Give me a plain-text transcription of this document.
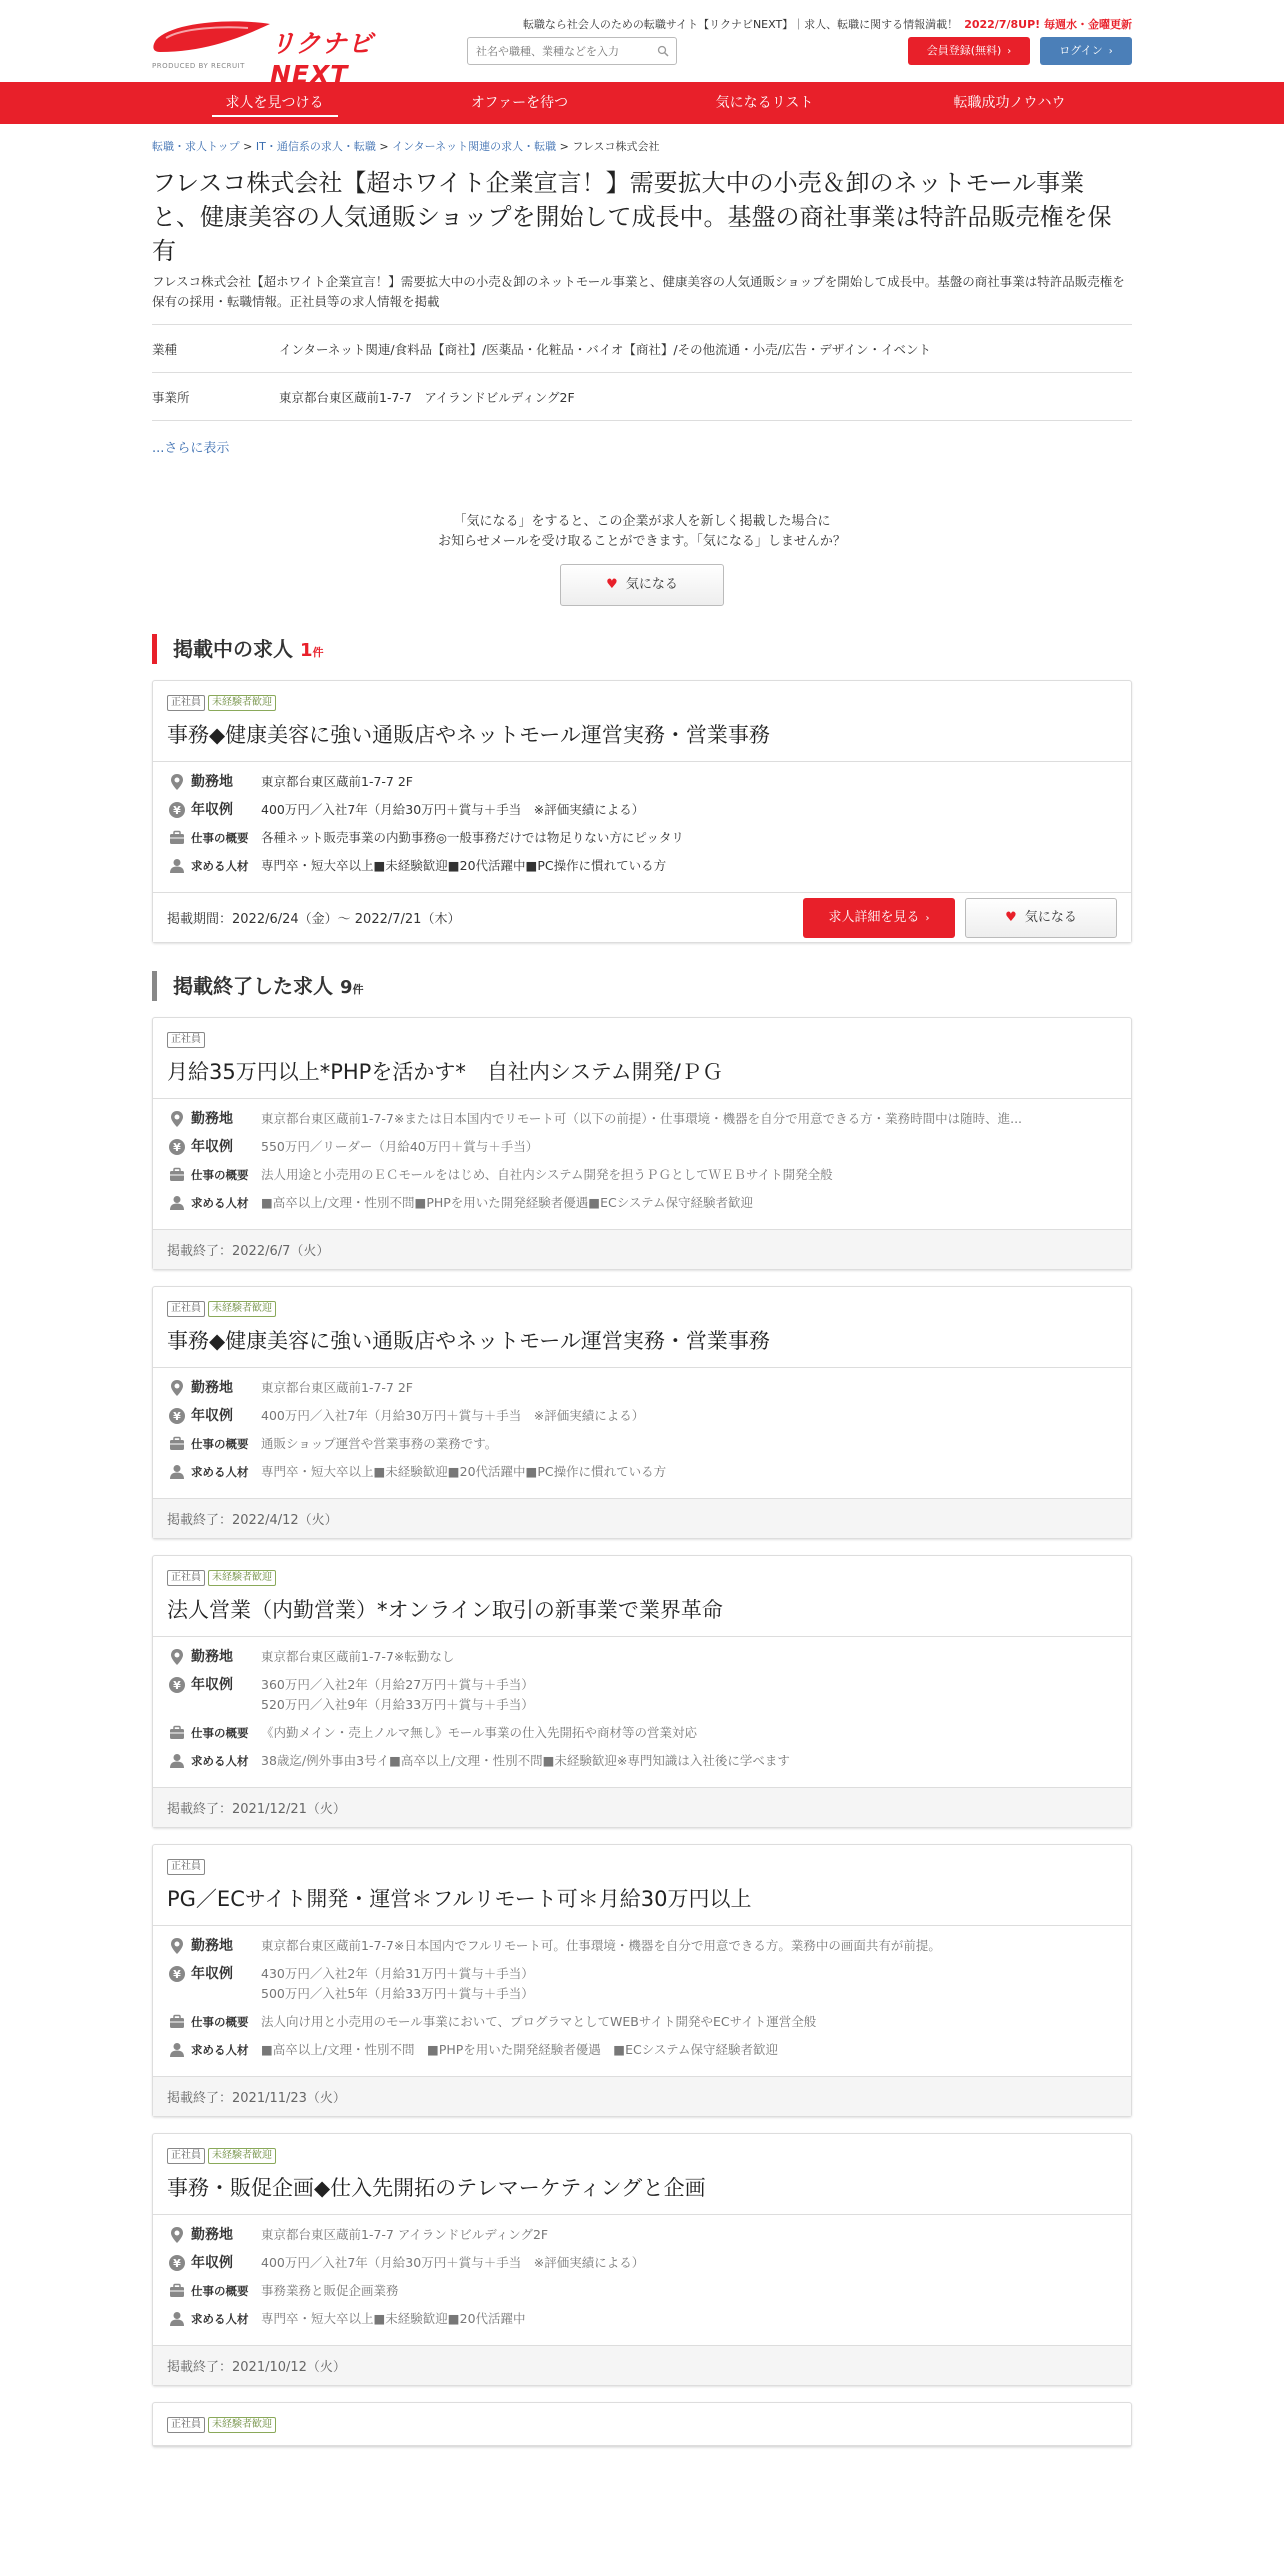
リクナビNEXT
PRODUCED BY RECRUIT
転職なら社会人のための転職サイト【リクナビNEXT】｜求人、転職に関する情報満載！ 2022/7/8UP! 毎週水・金曜更新
社名や職種、業種などを入力
会員登録(無料) ›	ログイン ›
求人を見つける	オファーを待つ	気になるリスト	転職成功ノウハウ
転職・求人トップ > IT・通信系の求人・転職 > インターネット関連の求人・転職 > フレスコ株式会社
フレスコ株式会社【超ホワイト企業宣言！】需要拡大中の小売＆卸のネットモール事業と、健康美容の人気通販ショップを開始して成長中。基盤の商社事業は特許品販売権を保有

フレスコ株式会社【超ホワイト企業宣言！】需要拡大中の小売＆卸のネットモール事業と、健康美容の人気通販ショップを開始して成長中。基盤の商社事業は特許品販売権を保有の採用・転職情報。正社員等の求人情報を掲載

業種	インターネット関連/食料品【商社】/医薬品・化粧品・バイオ【商社】/その他流通・小売/広告・デザイン・イベント
事業所	東京都台東区蔵前1-7-7　アイランドビルディング2F
...さらに表示
「気になる」をすると、この企業が求人を新しく掲載した場合に
お知らせメールを受け取ることができます。「気になる」しませんか？
♥ 気になる
掲載中の求人 1件
正社員	未経験者歓迎
事務◆健康美容に強い通販店やネットモール運営実務・営業事務
勤務地 東京都台東区蔵前1-7-7 2F
¥ 年収例 400万円／入社7年（月給30万円＋賞与＋手当　※評価実績による）
仕事の概要 各種ネット販売事業の内勤事務◎一般事務だけでは物足りない方にピッタリ
求める人材 専門卒・短大卒以上■未経験歓迎■20代活躍中■PC操作に慣れている方
掲載期間：2022/6/24（金）～ 2022/7/21（木）	求人詳細を見る ›	♥ 気になる
掲載終了した求人 9件
正社員
月給35万円以上*PHPを活かす*　自社内システム開発/ＰＧ
勤務地 東京都台東区蔵前1-7-7※または日本国内でリモート可（以下の前提）・仕事環境・機器を自分で用意できる方・業務時間中は随時、進...
¥ 年収例 550万円／リーダー（月給40万円＋賞与＋手当）
仕事の概要 法人用途と小売用のＥＣモールをはじめ、自社内システム開発を担うＰＧとしてＷＥＢサイト開発全般
求める人材 ■高卒以上/文理・性別不問■PHPを用いた開発経験者優遇■ECシステム保守経験者歓迎
掲載終了：2022/6/7（火）
正社員	未経験者歓迎
事務◆健康美容に強い通販店やネットモール運営実務・営業事務
勤務地 東京都台東区蔵前1-7-7 2F
¥ 年収例 400万円／入社7年（月給30万円＋賞与＋手当　※評価実績による）
仕事の概要 通販ショップ運営や営業事務の業務です。
求める人材 専門卒・短大卒以上■未経験歓迎■20代活躍中■PC操作に慣れている方
掲載終了：2022/4/12（火）
正社員	未経験者歓迎
法人営業（内勤営業）*オンライン取引の新事業で業界革命
勤務地 東京都台東区蔵前1-7-7※転勤なし
¥ 年収例 360万円／入社2年（月給27万円＋賞与＋手当）
520万円／入社9年（月給33万円＋賞与＋手当）
仕事の概要 《内勤メイン・売上ノルマ無し》モール事業の仕入先開拓や商材等の営業対応
求める人材 38歳迄/例外事由3号イ■高卒以上/文理・性別不問■未経験歓迎※専門知識は入社後に学べます
掲載終了：2021/12/21（火）
正社員
PG／ECサイト開発・運営＊フルリモート可＊月給30万円以上
勤務地 東京都台東区蔵前1-7-7※日本国内でフルリモート可。仕事環境・機器を自分で用意できる方。業務中の画面共有が前提。
¥ 年収例 430万円／入社2年（月給31万円＋賞与＋手当）
500万円／入社5年（月給33万円＋賞与＋手当）
仕事の概要 法人向け用と小売用のモール事業において、プログラマとしてWEBサイト開発やECサイト運営全般
求める人材 ■高卒以上/文理・性別不問　■PHPを用いた開発経験者優遇　■ECシステム保守経験者歓迎
掲載終了：2021/11/23（火）
正社員	未経験者歓迎
事務・販促企画◆仕入先開拓のテレマーケティングと企画
勤務地 東京都台東区蔵前1-7-7 アイランドビルディング2F
¥ 年収例 400万円／入社7年（月給30万円＋賞与＋手当　※評価実績による）
仕事の概要 事務業務と販促企画業務
求める人材 専門卒・短大卒以上■未経験歓迎■20代活躍中
掲載終了：2021/10/12（火）
正社員	未経験者歓迎
